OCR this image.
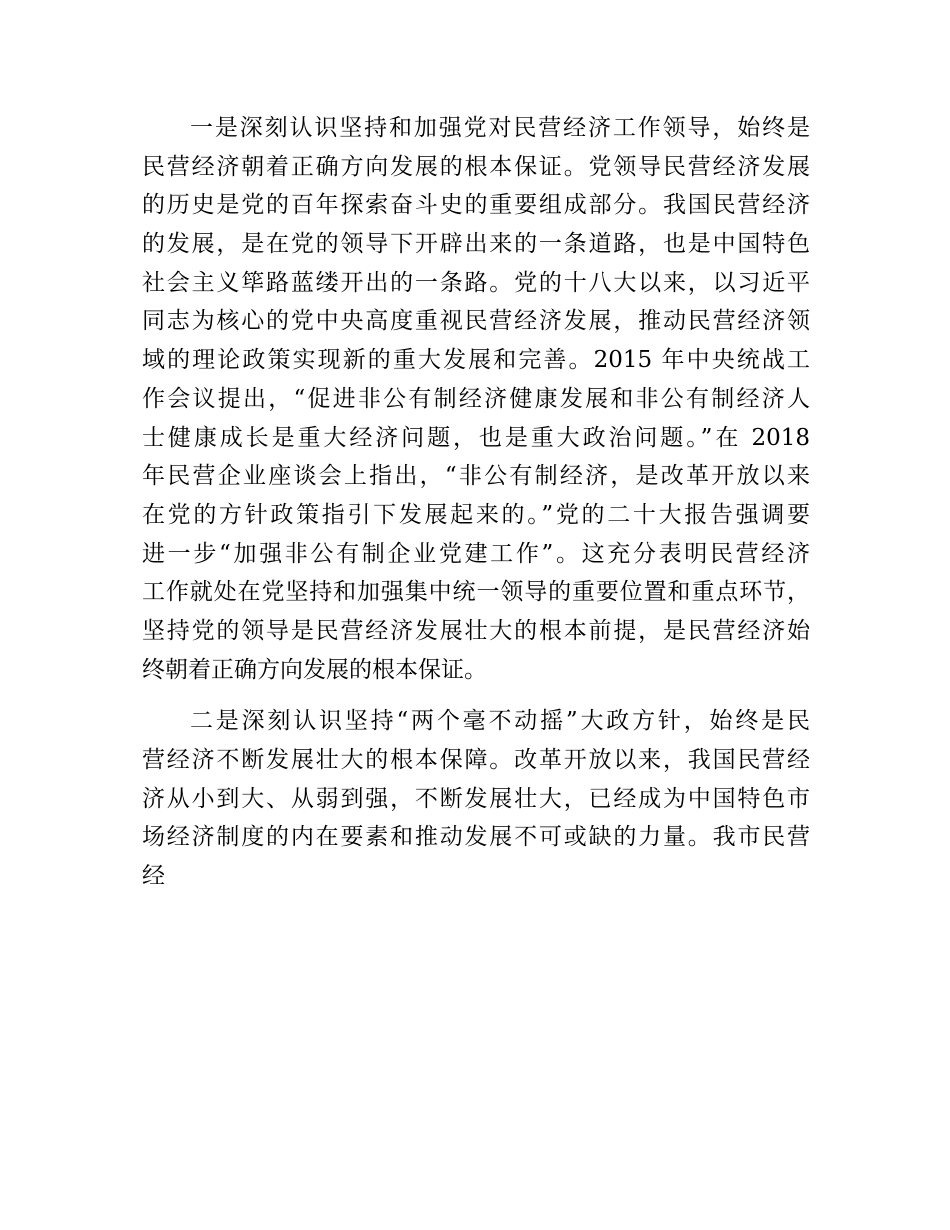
一是深刻认识坚持和加强党对民营经济工作领导，始终是
民营经济朝着正确方向发展的根本保证。党领导民营经济发展
的历史是党的百年探索奋斗史的重要组成部分。我国民营经济
的发展，是在党的领导下开辟出来的一条道路，也是中国特色
社会主义筚路蓝缕开出的一条路。党的十八大以来，以习近平
同志为核心的党中央高度重视民营经济发展，推动民营经济领
域的理论政策实现新的重大发展和完善。2015 年中央统战工
作会议提出，“促进非公有制经济健康发展和非公有制经济人
士健康成长是重大经济问题，也是重大政治问题。”在 2018
年民营企业座谈会上指出，“非公有制经济，是改革开放以来
在党的方针政策指引下发展起来的。”党的二十大报告强调要
进一步“加强非公有制企业党建工作”。这充分表明民营经济
工作就处在党坚持和加强集中统一领导的重要位置和重点环节，
坚持党的领导是民营经济发展壮大的根本前提，是民营经济始
终朝着正确方向发展的根本保证。
二是深刻认识坚持“两个毫不动摇”大政方针，始终是民
营经济不断发展壮大的根本保障。改革开放以来，我国民营经
济从小到大、从弱到强，不断发展壮大，已经成为中国特色市
场经济制度的内在要素和推动发展不可或缺的力量。我市民营
经
